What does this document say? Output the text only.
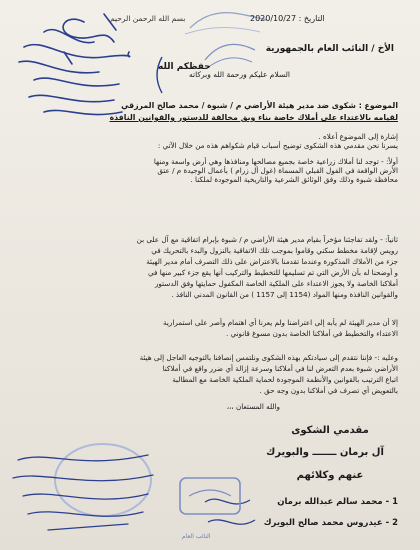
التاريخ : 2020/10/27
بسم الله الرحمن الرحيم
الأخ / النائب العام بالجمهورية
حفظكم الله
السلام عليكم ورحمة الله وبركاته
الموضوع : شكوى ضد مدير هيئة الأراضي م / شبوة / محمد صالح المرزقي
لقيامه بالاعتداء على أملاك خاصة بناء وبق مخالفة للدستور والقوانين النافذة
إشارة إلى الموضوع أعلاه .
يسرنا نحن مقدمي هذه الشكوى توضيح أسباب قيام شكواهم هذه من خلال الآتي :
أولاً: - توجد لنا أملاك زراعية خاصة بجميع مصالحها ومنافذها وهي أرض واسعة ومنها
الأرض الواقعة في الفول القبلي المسماة (غول أل زرام ) بأعمال الوجيدة م / عتق
محافظة شبوة وذلك وفق الوثائق الشرعية والتاريخية الموجودة لملكنا .
ثانياً: - ولقد تفاجئنا مؤخراً بقيام مدير هيئة الأراضي م / شبوة بإبرام اتفاقية مع آل على بن
رويس لإقامة مخطط سكني وقاموا بموجب تلك الاتفاقية بالنزول والبدء بالتحريك في
جزء من الأملاك المذكورة وعندما تقدمنا بالاعتراض على ذلك التصرف أمام مدير الهيئة
و أوضحنا له بأن الأرض التي تم تسليمها للتخطيط والتركيب أنها يقع جزء كبير منها في
أملاكنا الخاصة ولا يجوز الاعتداء على الملكية الخاصة المكفول حمايتها وفق الدستور
والقوانين النافذة ومنها المواد (1154 إلى 1157 ) من القانون المدني النافذ .
إلا أن مدير الهيئة لم يأبه إلى اعتراضنا ولم يعرنا أي اهتمام وأصر على استمرارية
الاعتداء والتخطيط في أملاكنا الخاصة بدون مسوغ قانوني .
وعليه :- فإننا نتقدم إلى سيادتكم بهذه الشكوى ونلتمس إنصافنا بالتوجيه العاجل إلى هيئة
الأراضي شبوة بعدم التعرض لنا في أملاكنا وسرعة إزالة أي ضرر واقع في أملاكنا
اتباع الترتيب بالقوانين والأنظمة الموجودة لحماية الملكية الخاصة مع المطالبة
بالتعويض أي تصرف في أملاكنا بدون وجه حق .
والله المستعان ،،،
مقدمي الشكوى
آل برمان ـــــــ والبويرك
عنهم وكلائهم
1 - محمد سالم عبدالله برمان
2 - عيدروس محمد صالح البويرك
النائب العام
